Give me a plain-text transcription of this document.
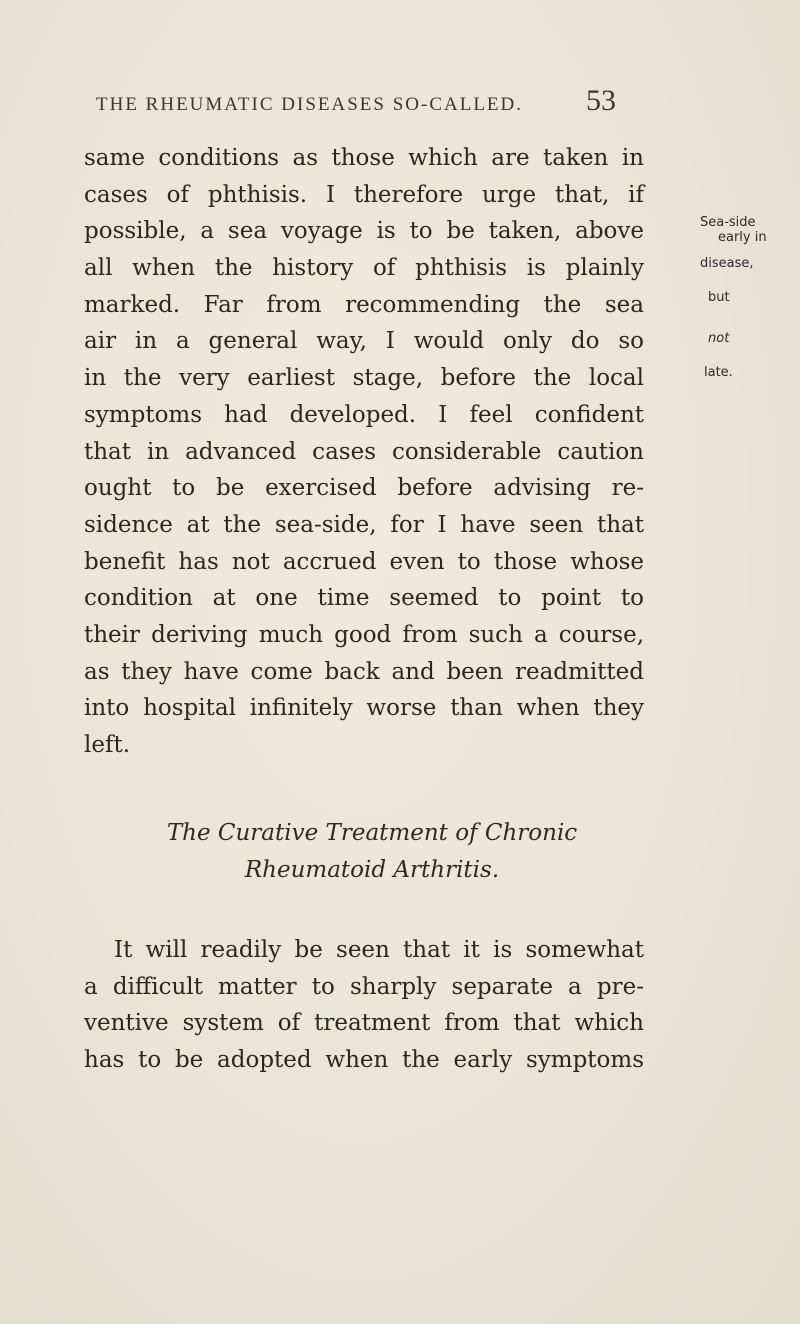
THE RHEUMATIC DISEASES SO-CALLED. 53
same conditions as those which are taken in
cases of phthisis. I therefore urge that, if
possible, a sea voyage is to be taken, above
all when the history of phthisis is plainly
marked. Far from recommending the sea
air in a general way, I would only do so
in the very earliest stage, before the local
symptoms had developed. I feel confident
that in advanced cases considerable caution
ought to be exercised before advising re-
sidence at the sea-side, for I have seen that
benefit has not accrued even to those whose
condition at one time seemed to point to
their deriving much good from such a course,
as they have come back and been readmitted
into hospital infinitely worse than when they
left.
Sea-side
early in
disease,
but
not
late.
The Curative Treatment of Chronic
Rheumatoid Arthritis.
It will readily be seen that it is somewhat
a difficult matter to sharply separate a pre-
ventive system of treatment from that which
has to be adopted when the early symptoms
